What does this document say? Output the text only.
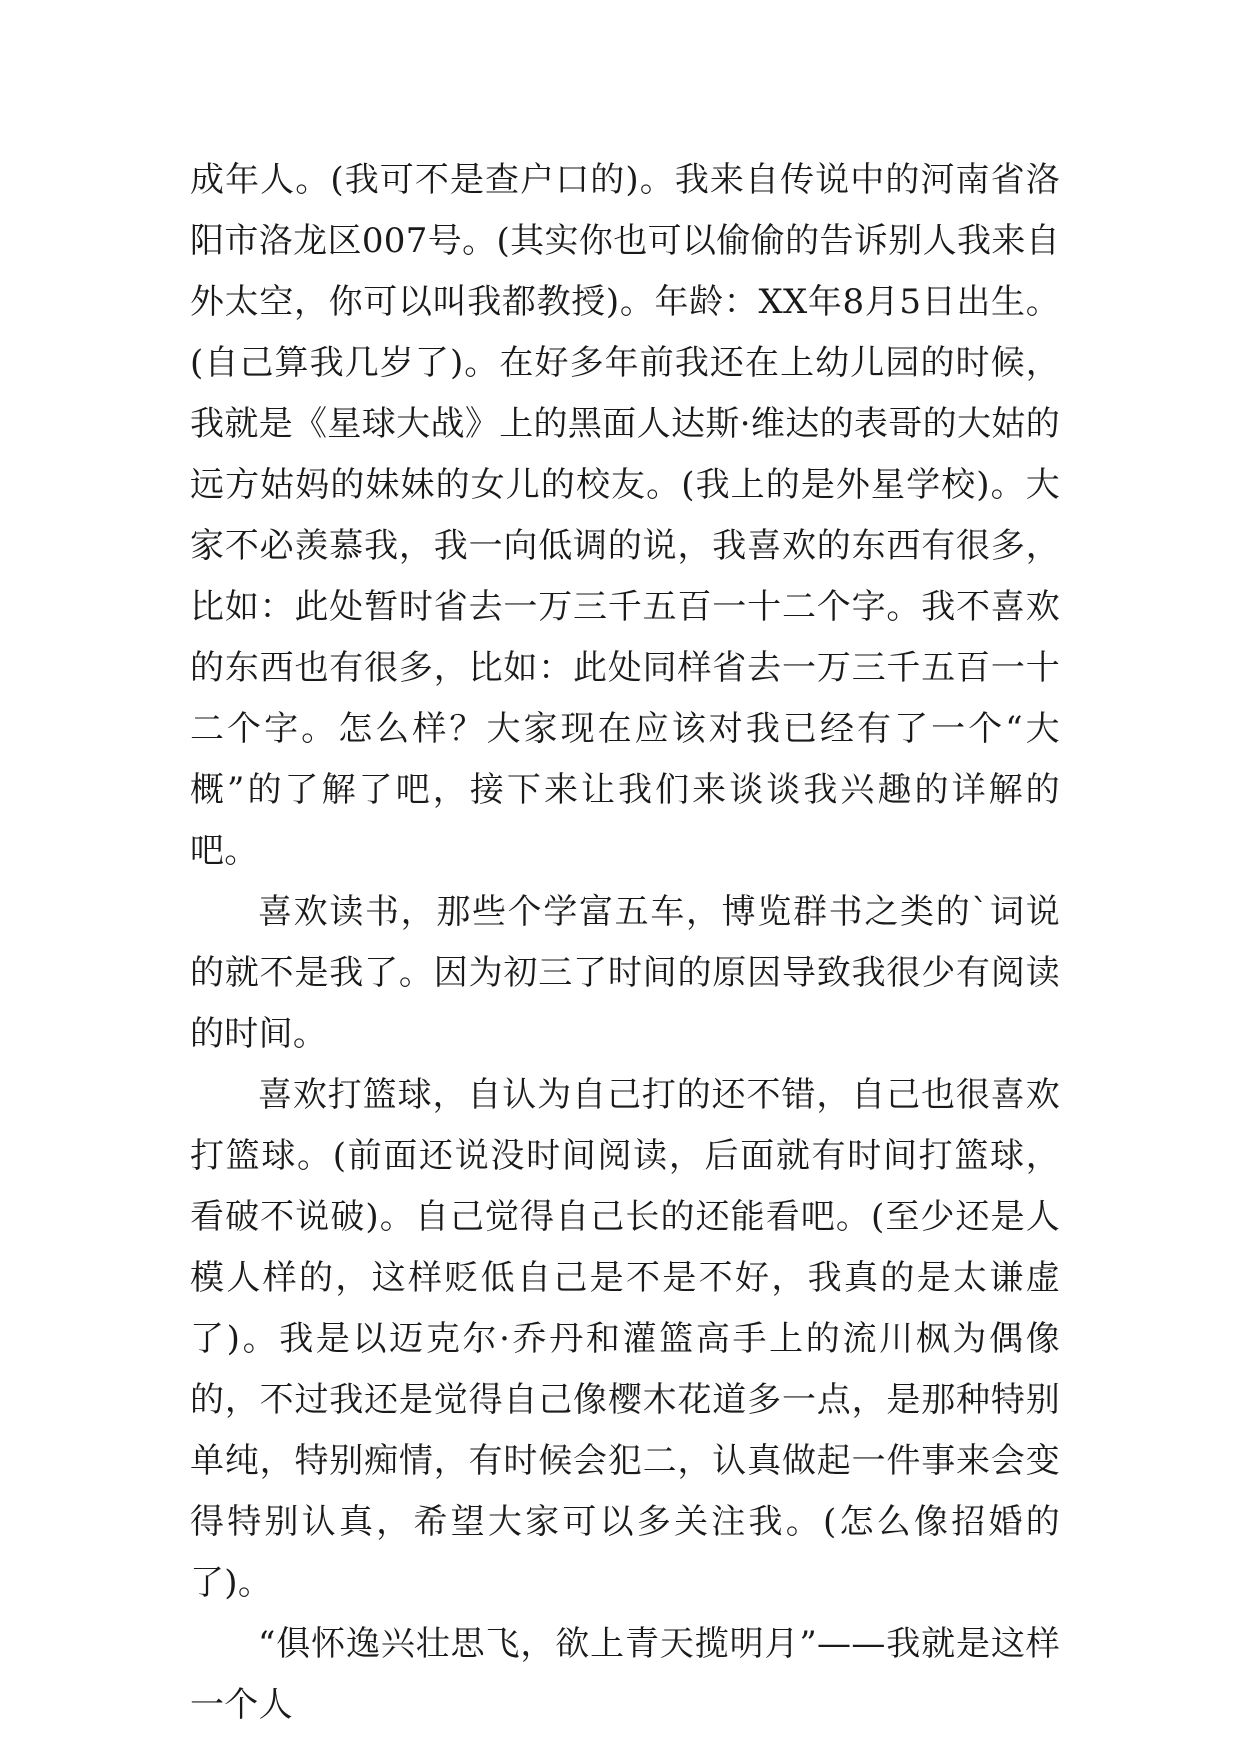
成年人。(我可不是查户口的)。我来自传说中的河南省洛阳市洛龙区007号。(其实你也可以偷偷的告诉别人我来自外太空，你可以叫我都教授)。年龄：XX年8月5日出生。(自己算我几岁了)。在好多年前我还在上幼儿园的时候，我就是《星球大战》上的黑面人达斯·维达的表哥的大姑的远方姑妈的妹妹的女儿的校友。(我上的是外星学校)。大家不必羡慕我，我一向低调的说，我喜欢的东西有很多，比如：此处暂时省去一万三千五百一十二个字。我不喜欢的东西也有很多，比如：此处同样省去一万三千五百一十二个字。怎么样？大家现在应该对我已经有了一个“大概”的了解了吧，接下来让我们来谈谈我兴趣的详解的吧。

喜欢读书，那些个学富五车，博览群书之类的`词说的就不是我了。因为初三了时间的原因导致我很少有阅读的时间。

喜欢打篮球，自认为自己打的还不错，自己也很喜欢打篮球。(前面还说没时间阅读，后面就有时间打篮球，看破不说破)。自己觉得自己长的还能看吧。(至少还是人模人样的，这样贬低自己是不是不好，我真的是太谦虚了)。我是以迈克尔·乔丹和灌篮高手上的流川枫为偶像的，不过我还是觉得自己像樱木花道多一点，是那种特别单纯，特别痴情，有时候会犯二，认真做起一件事来会变得特别认真，希望大家可以多关注我。(怎么像招婚的了)。

“俱怀逸兴壮思飞，欲上青天揽明月”——我就是这样一个人
